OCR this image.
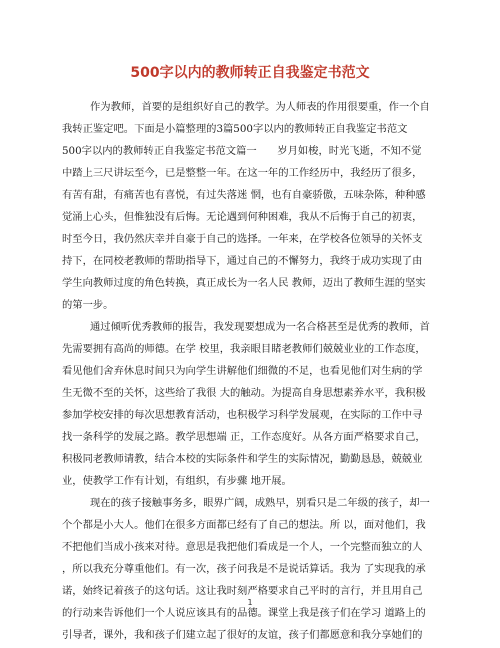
500字以内的教师转正自我鉴定书范文
作为教师，首要的是组织好自己的教学。为人师表的作用很要重，作一个自
我转正鉴定吧。下面是小篇整理的3篇500字以内的教师转正自我鉴定书范文
500字以内的教师转正自我鉴定书范文篇一　　岁月如梭，时光飞逝，不知不觉
中踏上三尺讲坛至今，已是整整一年。在这一年的工作经历中，我经历了很多，
有苦有甜，有痛苦也有喜悦，有过失落迷 惘，也有自豪骄傲，五味杂陈，种种感
觉涌上心头，但惟独没有后悔。无论遇到何种困难，我从不后悔于自己的初衷，
时至今日，我仍然庆幸并自豪于自己的选择。一年来，在学校各位领导的关怀支
持下，在同校老教师的帮助指导下，通过自己的不懈努力，我终于成功实现了由
学生向教师过度的角色转换，真正成长为一名人民 教师，迈出了教师生涯的坚实
的第一步。
通过倾听优秀教师的报告，我发现要想成为一名合格甚至是优秀的教师，首
先需要拥有高尚的师德。在学 校里，我亲眼目睹老教师们兢兢业业的工作态度，
看见他们舍弃休息时间只为向学生讲解他们细微的不足，也看见他们对生病的学
生无微不至的关怀，这些给了我很 大的触动。为提高自身思想素养水平，我积极
参加学校安排的每次思想教育活动，也积极学习科学发展观，在实际的工作中寻
找一条科学的发展之路。教学思想端 正，工作态度好。从各方面严格要求自己，
积极同老教师请教，结合本校的实际条件和学生的实际情况，勤勤恳恳，兢兢业
业，使教学工作有计划，有组织，有步骤 地开展。
现在的孩子接触事务多，眼界广阔，成熟早，别看只是二年级的孩子，却一
个个都是小大人。他们在很多方面都已经有了自己的想法。所 以，面对他们，我
不把他们当成小孩来对待。意思是我把他们看成是一个人，一个完整而独立的人
，所以我充分尊重他们。有一次，孩子问我是不是说话算话。我为 了实现我的承
诺，始终记着孩子的这句话。这让我时刻严格要求自己平时的言行，并且用自己
的行动来告诉他们一个人说应该具有的品德。课堂上我是孩子们在学习 道路上的
引导者，课外，我和孩子们建立起了很好的友谊，孩子们都愿意和我分享她们的
1
